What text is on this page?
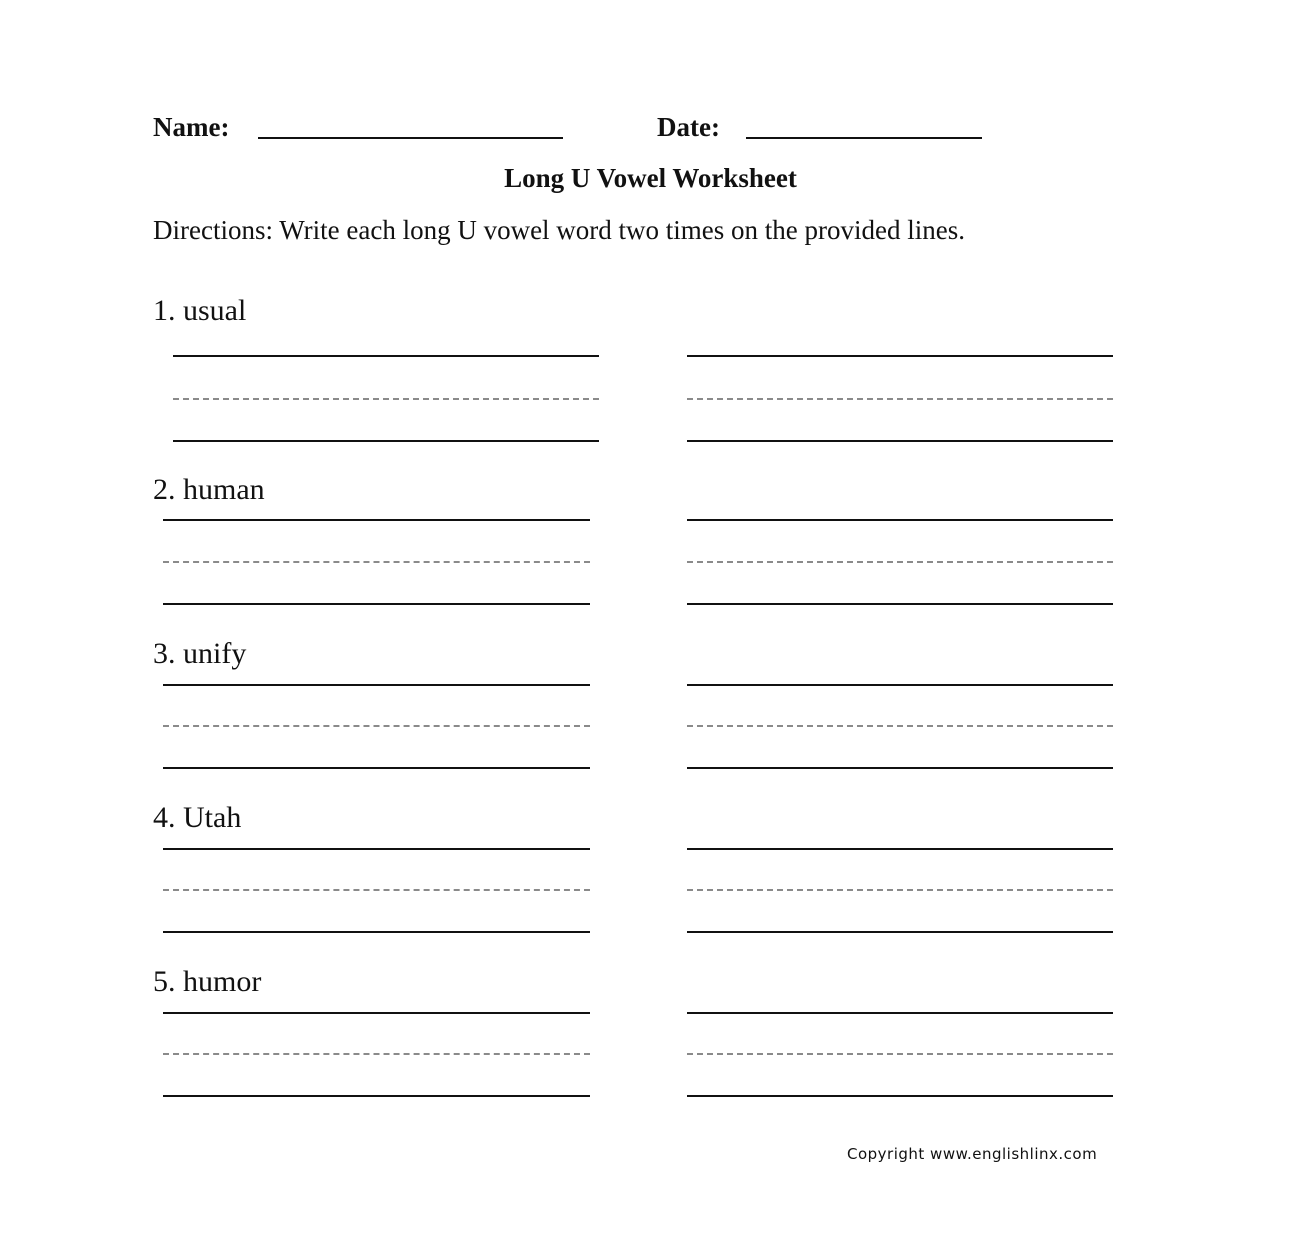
Name:	Date:
Long U Vowel Worksheet
Directions: Write each long U vowel word two times on the provided lines.
1. usual
2. human
3. unify
4. Utah
5. humor
Copyright www.englishlinx.com
